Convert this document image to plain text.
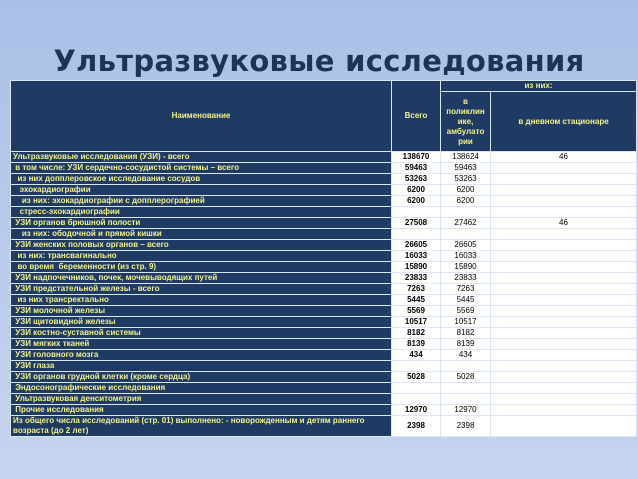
Ультразвуковые исследования
Наименование	Всего	из них:	
		в поликлин ике, амбулато рии	в дневном стационаре
Ультразвуковые исследования (УЗИ) - всего	138670	138624	46
в том числе: УЗИ сердечно-сосудистой системы – всего	59463	59463	
из них допплеровское исследование сосудов	53263	53263	
эхокардиографии	6200	6200	
из них: эхокардиографии с допплерографией	6200	6200	
стресс-эхокардиографии			
УЗИ органов брюшной полости	27508	27462	46
из них: ободочной и прямой кишки			
УЗИ женских половых органов – всего	26605	26605	
из них: трансвагинально	16033	16033	
во время  беременности (из стр. 9)	15890	15890	
УЗИ надпочечников, почек, мочевыводящих путей	23833	23833	
УЗИ предстательной железы - всего	7263	7263	
из них трансректально	5445	5445	
УЗИ молочной железы	5569	5569	
УЗИ щитовидной железы	10517	10517	
УЗИ костно-суставной системы	8182	8182	
УЗИ мягких тканей	8139	8139	
УЗИ головного мозга	434	434	
УЗИ глаза			
УЗИ органов грудной клетки (кроме сердца)	5028	5028	
Эндосонографические исследования			
Ультразвуковая денситометрия			
Прочие исследования	12970	12970	
Из общего числа исследований (стр. 01) выполнено: - новорожденным и детям раннего возраста (до 2 лет)	2398	2398	
